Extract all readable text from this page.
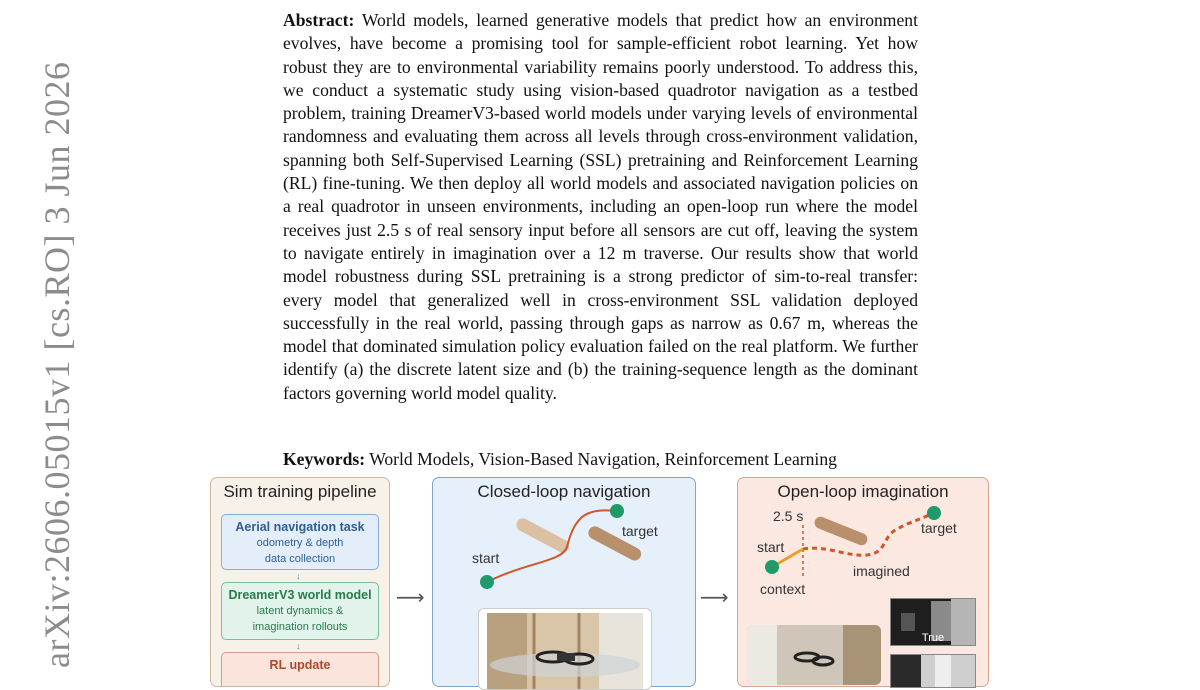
arXiv:2606.05015v1 [cs.RO] 3 Jun 2026
Abstract: World models, learned generative models that predict how an environment evolves, have become a promising tool for sample-efficient robot learning. Yet how robust they are to environmental variability remains poorly understood. To address this, we conduct a systematic study using vision-based quadrotor navigation as a testbed problem, training DreamerV3-based world models under varying levels of environmental randomness and evaluating them across all levels through cross-environment validation, spanning both Self-Supervised Learning (SSL) pretraining and Reinforcement Learning (RL) fine-tuning. We then deploy all world models and associated navigation policies on a real quadrotor in unseen environments, including an open-loop run where the model receives just 2.5 s of real sensory input before all sensors are cut off, leaving the system to navigate entirely in imagination over a 12 m traverse. Our results show that world model robustness during SSL pretraining is a strong predictor of sim-to-real transfer: every model that generalized well in cross-environment SSL validation deployed successfully in the real world, passing through gaps as narrow as 0.67 m, whereas the model that dominated simulation policy evaluation failed on the real platform. We further identify (a) the discrete latent size and (b) the training-sequence length as the dominant factors governing world model quality.
Keywords: World Models, Vision-Based Navigation, Reinforcement Learning
Sim training pipeline
Aerial navigation task
odometry & depth
data collection
↓
DreamerV3 world model
latent dynamics &
imagination rollouts
↓
RL update
⟶
Closed-loop navigation
start
target
⟶
Open-loop imagination
2.5 s
start
target
imagined
context
True
